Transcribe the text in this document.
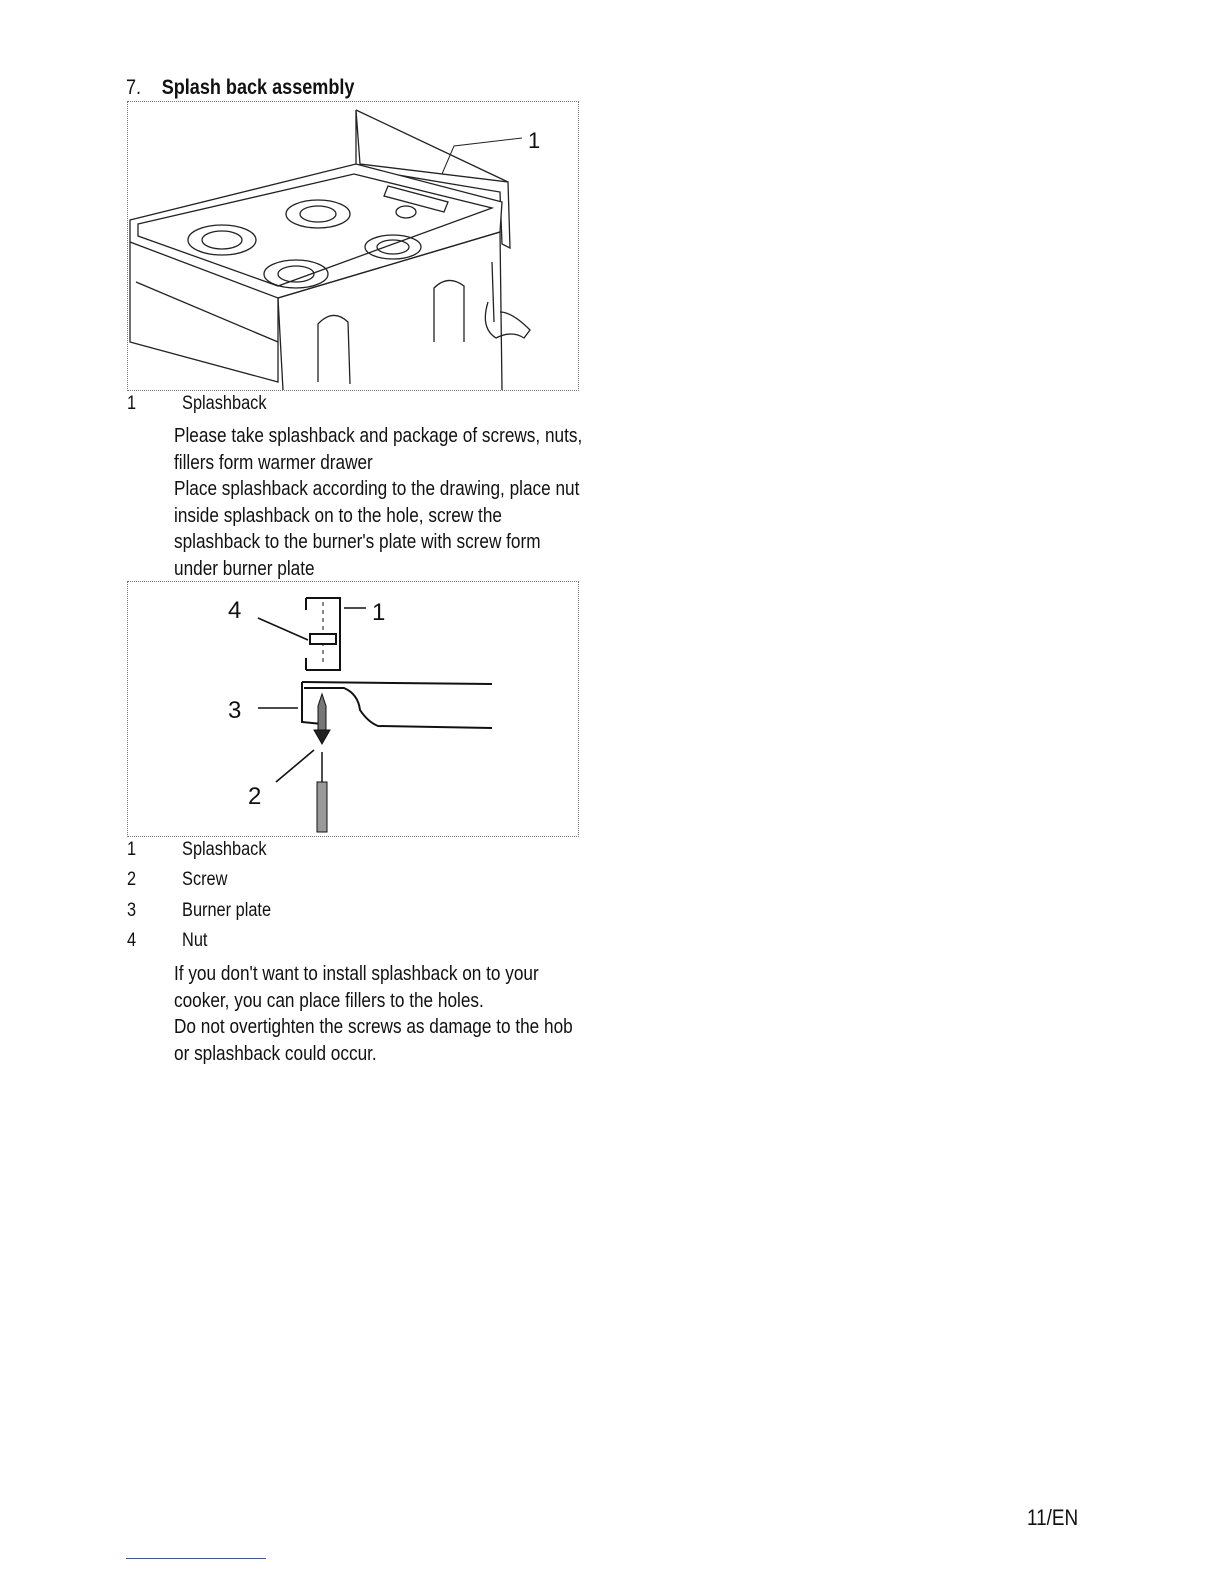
7. Splash back assembly
1
1 Splashback

Please take splashback and package of screws, nuts, fillers form warmer drawer

Place splashback according to the drawing, place nut inside splashback on to the hole, screw the splashback to the burner's plate with screw form under burner plate

4	1
3
2
1 Splashback
2 Screw
3 Burner plate
4 Nut

If you don't want to install splashback on to your cooker, you can place fillers to the holes.

Do not overtighten the screws as damage to the hob or splashback could occur.

11/EN
